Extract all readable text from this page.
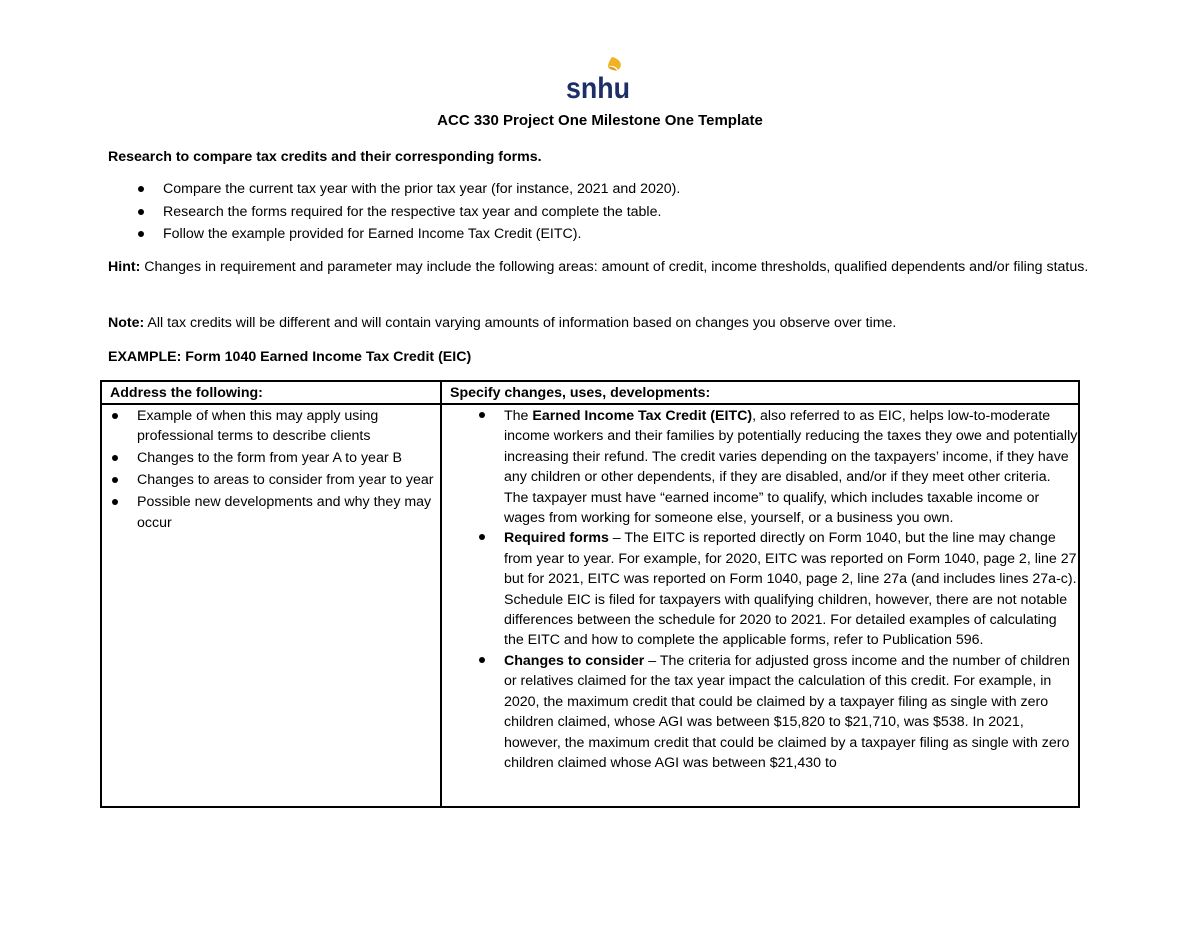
snhu
ACC 330 Project One Milestone One Template
Research to compare tax credits and their corresponding forms.
Compare the current tax year with the prior tax year (for instance, 2021 and 2020).
Research the forms required for the respective tax year and complete the table.
Follow the example provided for Earned Income Tax Credit (EITC).
Hint: Changes in requirement and parameter may include the following areas: amount of credit, income thresholds, qualified dependents and/or filing status.
Note: All tax credits will be different and will contain varying amounts of information based on changes you observe over time.
EXAMPLE: Form 1040 Earned Income Tax Credit (EIC)
Address the following:	Specify changes, uses, developments:
Example of when this may apply using professional terms to describe clients
Changes to the form from year A to year B
Changes to areas to consider from year to year
Possible new developments and why they may occur
The Earned Income Tax Credit (EITC), also referred to as EIC, helps low-to-moderate income workers and their families by potentially reducing the taxes they owe and potentially increasing their refund. The credit varies depending on the taxpayers’ income, if they have any children or other dependents, if they are disabled, and/or if they meet other criteria. The taxpayer must have “earned income” to qualify, which includes taxable income or wages from working for someone else, yourself, or a business you own.
Required forms – The EITC is reported directly on Form 1040, but the line may change from year to year. For example, for 2020, EITC was reported on Form 1040, page 2, line 27 but for 2021, EITC was reported on Form 1040, page 2, line 27a (and includes lines 27a-c). Schedule EIC is filed for taxpayers with qualifying children, however, there are not notable differences between the schedule for 2020 to 2021. For detailed examples of calculating the EITC and how to complete the applicable forms, refer to Publication 596.
Changes to consider – The criteria for adjusted gross income and the number of children or relatives claimed for the tax year impact the calculation of this credit. For example, in 2020, the maximum credit that could be claimed by a taxpayer filing as single with zero children claimed, whose AGI was between $15,820 to $21,710, was $538. In 2021, however, the maximum credit that could be claimed by a taxpayer filing as single with zero children claimed whose AGI was between $21,430 to
